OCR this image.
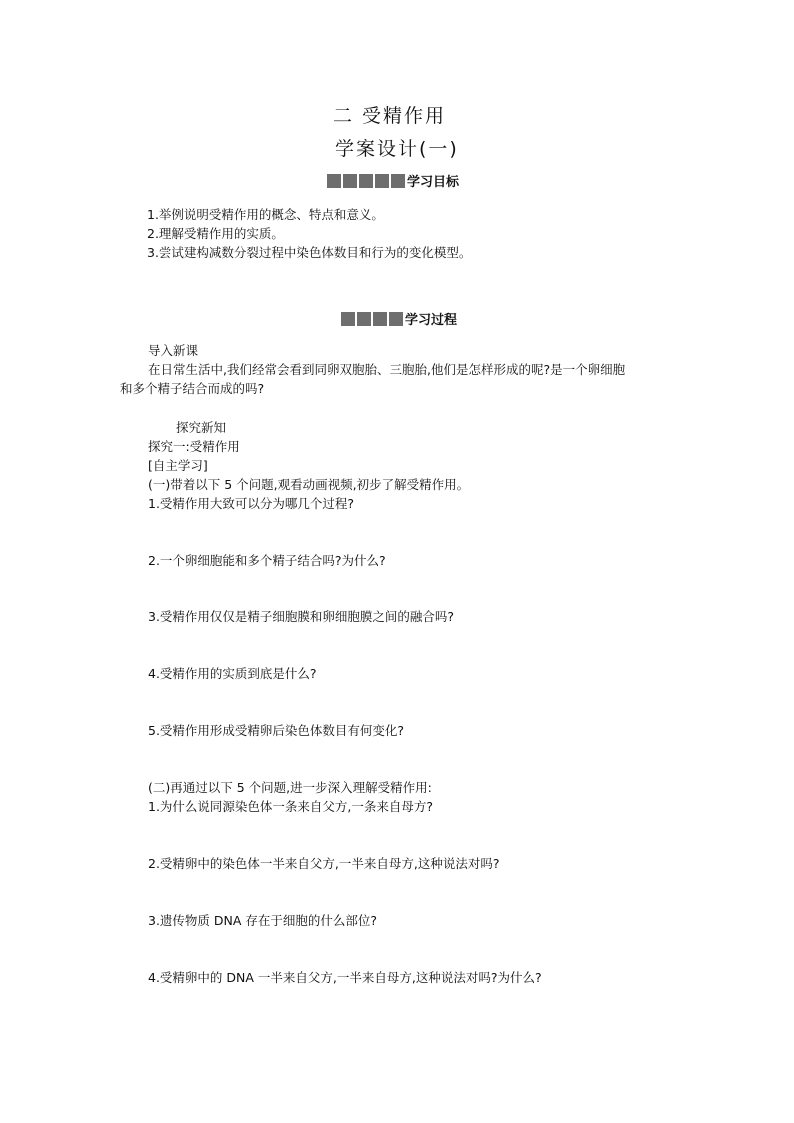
二 受精作用
学案设计(一)
学习目标
1.举例说明受精作用的概念、特点和意义。
2.理解受精作用的实质。
3.尝试建构减数分裂过程中染色体数目和行为的变化模型。
学习过程
导入新课
在日常生活中,我们经常会看到同卵双胞胎、三胞胎,他们是怎样形成的呢?是一个卵细胞
和多个精子结合而成的吗?
探究新知
探究一:受精作用
[自主学习]
(一)带着以下 5 个问题,观看动画视频,初步了解受精作用。
1.受精作用大致可以分为哪几个过程?
2.一个卵细胞能和多个精子结合吗?为什么?
3.受精作用仅仅是精子细胞膜和卵细胞膜之间的融合吗?
4.受精作用的实质到底是什么?
5.受精作用形成受精卵后染色体数目有何变化?
(二)再通过以下 5 个问题,进一步深入理解受精作用:
1.为什么说同源染色体一条来自父方,一条来自母方?
2.受精卵中的染色体一半来自父方,一半来自母方,这种说法对吗?
3.遗传物质 DNA 存在于细胞的什么部位?
4.受精卵中的 DNA 一半来自父方,一半来自母方,这种说法对吗?为什么?
